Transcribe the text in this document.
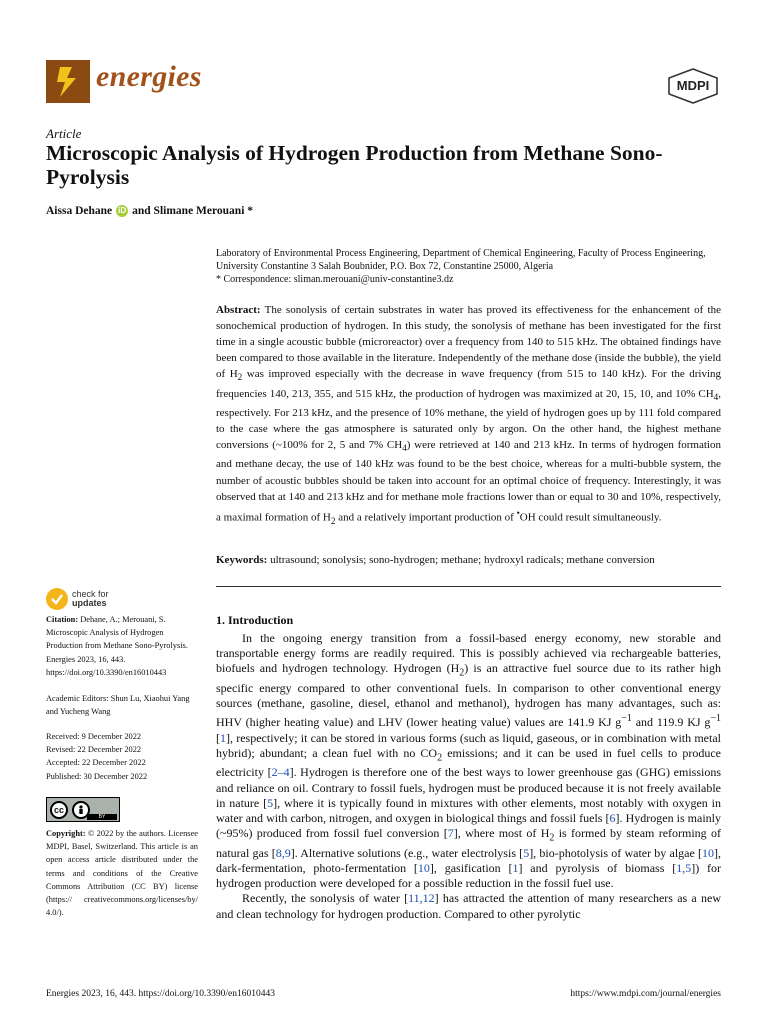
energies	MDPI
Article
Microscopic Analysis of Hydrogen Production from Methane Sono-Pyrolysis
Aissa Dehane iD and Slimane Merouani *
Laboratory of Environmental Process Engineering, Department of Chemical Engineering, Faculty of Process Engineering, University Constantine 3 Salah Boubnider, P.O. Box 72, Constantine 25000, Algeria
* Correspondence: sliman.merouani@univ-constantine3.dz
Abstract: The sonolysis of certain substrates in water has proved its effectiveness for the enhancement of the sonochemical production of hydrogen. In this study, the sonolysis of methane has been investigated for the first time in a single acoustic bubble (microreactor) over a frequency from 140 to 515 kHz. The obtained findings have been compared to those available in the literature. Independently of the methane dose (inside the bubble), the yield of $H_2$ was improved especially with the decrease in wave frequency (from 515 to 140 kHz). For the driving frequencies 140, 213, 355, and 515 kHz, the production of hydrogen was maximized at 20, 15, 10, and 10% $CH_4$, respectively. For 213 kHz, and the presence of 10% methane, the yield of hydrogen goes up by 111 fold compared to the case where the gas atmosphere is saturated only by argon. On the other hand, the highest methane conversions (~100% for 2, 5 and 7% $CH_4$) were retrieved at 140 and 213 kHz. In terms of hydrogen formation and methane decay, the use of 140 kHz was found to be the best choice, whereas for a multi-bubble system, the number of acoustic bubbles should be taken into account for an optimal choice of frequency. Interestingly, it was observed that at 140 and 213 kHz and for methane mole fractions lower than or equal to 30 and 10%, respectively, a maximal formation of $H_2$ and a relatively important production of •OH could result simultaneously.
Keywords: ultrasound; sonolysis; sono-hydrogen; methane; hydroxyl radicals; methane conversion
check for
updates
Citation: Dehane, A.; Merouani, S. Microscopic Analysis of Hydrogen Production from Methane Sono-Pyrolysis. Energies 2023, 16, 443. https://doi.org/10.3390/en16010443
Academic Editors: Shun Lu, Xiaohui Yang and Yucheng Wang
Received: 9 December 2022
Revised: 22 December 2022
Accepted: 22 December 2022
Published: 30 December 2022
cc
BY
Copyright: © 2022 by the authors. Licensee MDPI, Basel, Switzerland. This article is an open access article distributed under the terms and conditions of the Creative Commons Attribution (CC BY) license (https:// creativecommons.org/licenses/by/ 4.0/).
1. Introduction

In the ongoing energy transition from a fossil-based energy economy, new storable and transportable energy forms are readily required. This is possibly achieved via rechargeable batteries, biofuels and hydrogen technology. Hydrogen $(H_2)$ is an attractive fuel source due to its rather high specific energy compared to other conventional fuels. In comparison to other conventional energy sources (methane, gasoline, diesel, ethanol and methanol), hydrogen has many advantages, such as: HHV (higher heating value) and LHV (lower heating value) values are 141.9 KJ $g^{-1}$ and 119.9 KJ $g^{-1}$ [1], respectively; it can be stored in various forms (such as liquid, gaseous, or in combination with metal hybrid); abundant; a clean fuel with no $CO_2$ emissions; and it can be used in fuel cells to produce electricity [2–4]. Hydrogen is therefore one of the best ways to lower greenhouse gas (GHG) emissions and reliance on oil. Contrary to fossil fuels, hydrogen must be produced because it is not freely available in nature [5], where it is typically found in mixtures with other elements, most notably with oxygen in water and with carbon, nitrogen, and oxygen in biological things and fossil fuels [6]. Hydrogen is mainly (~95%) produced from fossil fuel conversion [7], where most of $H_2$ is formed by steam reforming of natural gas [8,9]. Alternative solutions (e.g., water electrolysis [5], bio-photolysis of water by algae [10], dark-fermentation, photo-fermentation [10], gasification [1] and pyrolysis of biomass [1,5]) for hydrogen production were developed for a possible reduction in the fossil fuel use.

Recently, the sonolysis of water [11,12] has attracted the attention of many researchers as a new and clean technology for hydrogen production. Compared to other pyrolytic

Energies 2023, 16, 443. https://doi.org/10.3390/en16010443	https://www.mdpi.com/journal/energies
